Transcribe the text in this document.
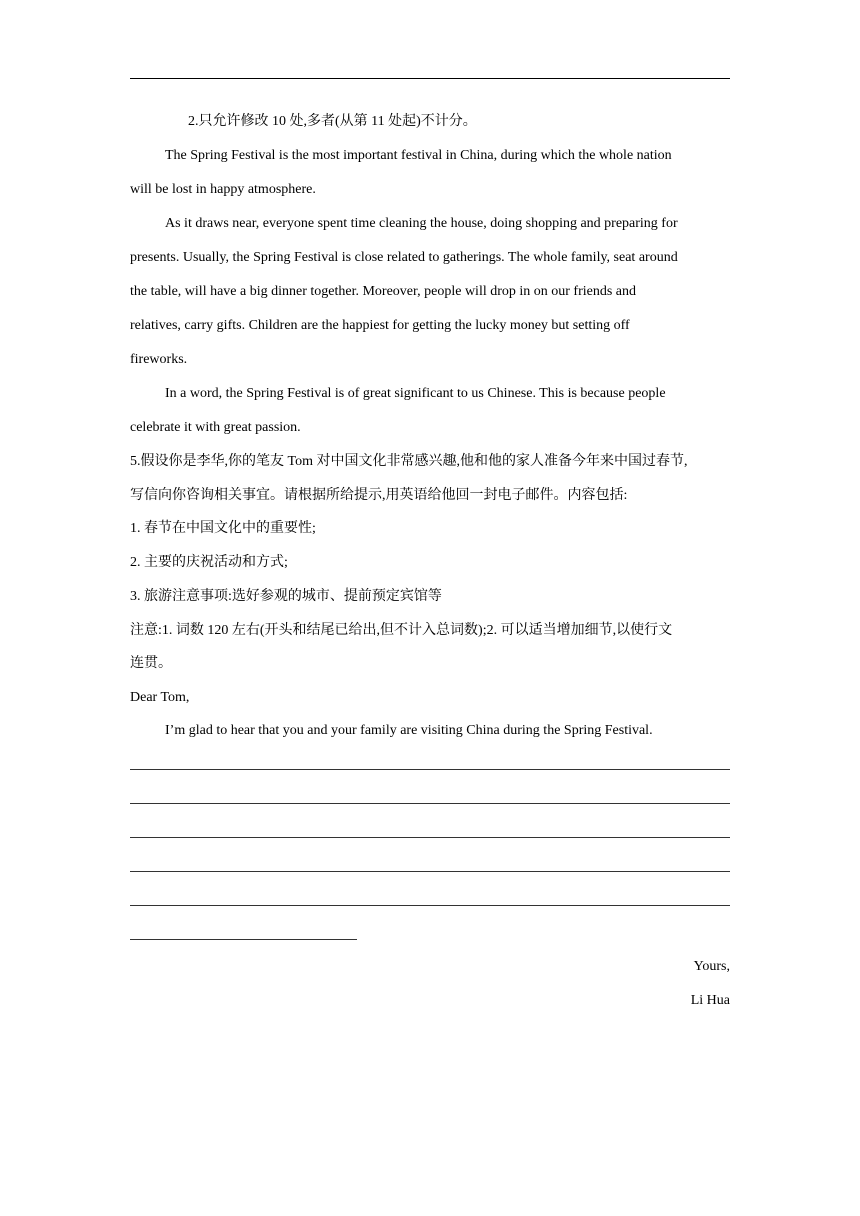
2.只允许修改 10 处,多者(从第 11 处起)不计分。
The Spring Festival is the most important festival in China, during which the whole nation
will be lost in happy atmosphere.
As it draws near, everyone spent time cleaning the house, doing shopping and preparing for
presents. Usually, the Spring Festival is close related to gatherings. The whole family, seat around
the table, will have a big dinner together. Moreover, people will drop in on our friends and
relatives, carry gifts. Children are the happiest for getting the lucky money but setting off
fireworks.
In a word, the Spring Festival is of great significant to us Chinese. This is because people
celebrate it with great passion.
5.假设你是李华,你的笔友 Tom 对中国文化非常感兴趣,他和他的家人准备今年来中国过春节,
写信向你咨询相关事宜。请根据所给提示,用英语给他回一封电子邮件。内容包括:
1. 春节在中国文化中的重要性;
2. 主要的庆祝活动和方式;
3. 旅游注意事项:选好参观的城市、提前预定宾馆等
注意:1. 词数 120 左右(开头和结尾已给出,但不计入总词数);2. 可以适当增加细节,以使行文
连贯。
Dear Tom,
I’m glad to hear that you and your family are visiting China during the Spring Festival.
Yours,
Li Hua
